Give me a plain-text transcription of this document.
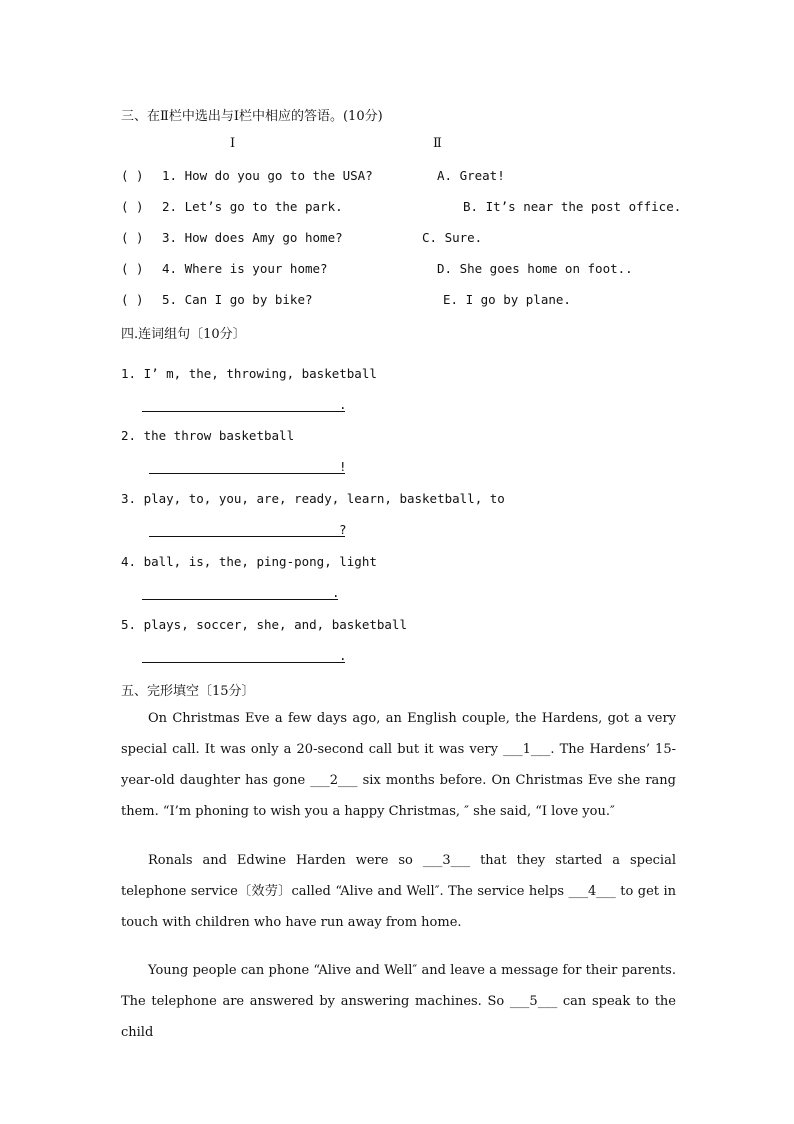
三、在Ⅱ栏中选出与Ⅰ栏中相应的答语。(10分)
Ⅰ	Ⅱ
( ) 1. How do you go to the USA?	A. Great!
( ) 2. Let’s go to the park.	B. It’s near the post office.
( ) 3. How does Amy go home?	C. Sure.
( ) 4. Where is your home?	D. She goes home on foot..
( ) 5. Can I go by bike?	E. I go by plane.
四.连词组句〔10分〕
1. I’ m, the, throwing, basketball
.
2. the throw basketball
!
3. play, to, you, are, ready, learn, basketball, to
?
4. ball, is, the, ping-pong, light
.
5. plays, soccer, she, and, basketball
.
五、完形填空〔15分〕
On Christmas Eve a few days ago, an English couple, the Hardens, got a very special call. It was only a 20-second call but it was very ___1___. The Hardens’ 15-year-old daughter has gone ___2___ six months before. On Christmas Eve she rang them. “I’m phoning to wish you a happy Christmas, ″ she said, “I love you.″
Ronals and Edwine Harden were so ___3___ that they started a special telephone service〔效劳〕called “Alive and Well″. The service helps ___4___ to get in touch with children who have run away from home.
Young people can phone “Alive and Well″ and leave a message for their parents. The telephone are answered by answering machines. So ___5___ can speak to the child
